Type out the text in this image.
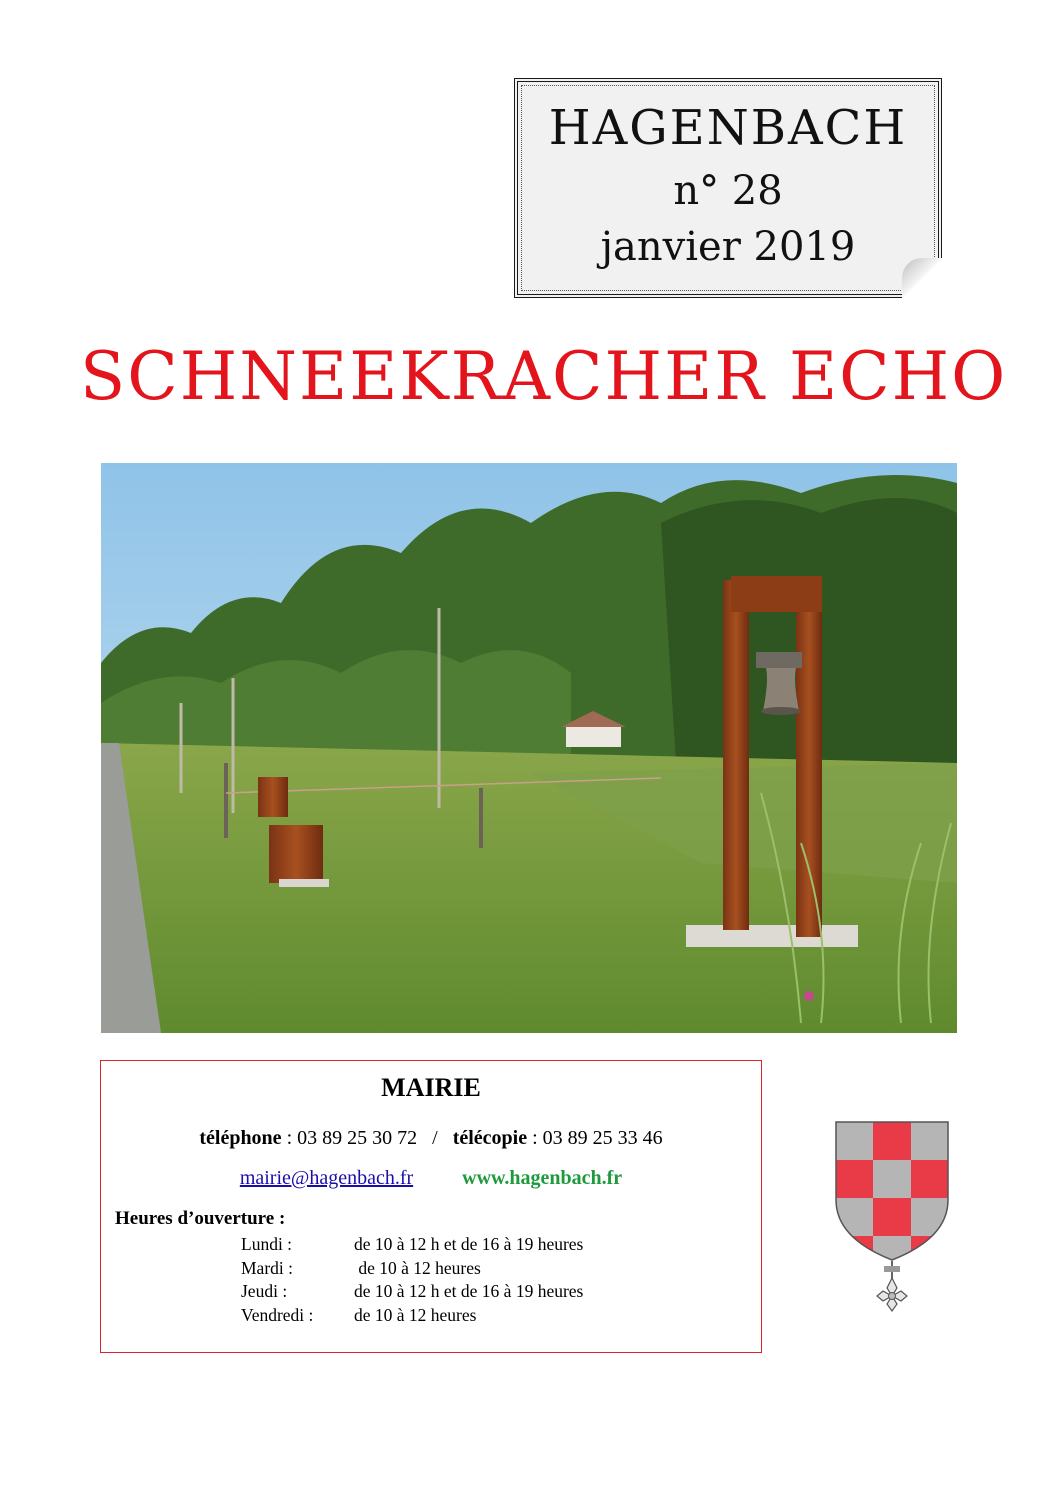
HAGENBACH
n° 28
janvier 2019
SCHNEEKRACHER ECHO
MAIRIE
téléphone : 03 89 25 30 72   /   télécopie : 03 89 25 33 46
mairie@hagenbach.fr www.hagenbach.fr
Heures d’ouverture :
Lundi :	de 10 à 12 h et de 16 à 19 heures
Mardi :	de 10 à 12 heures
Jeudi :	de 10 à 12 h et de 16 à 19 heures
Vendredi :	de 10 à 12 heures
